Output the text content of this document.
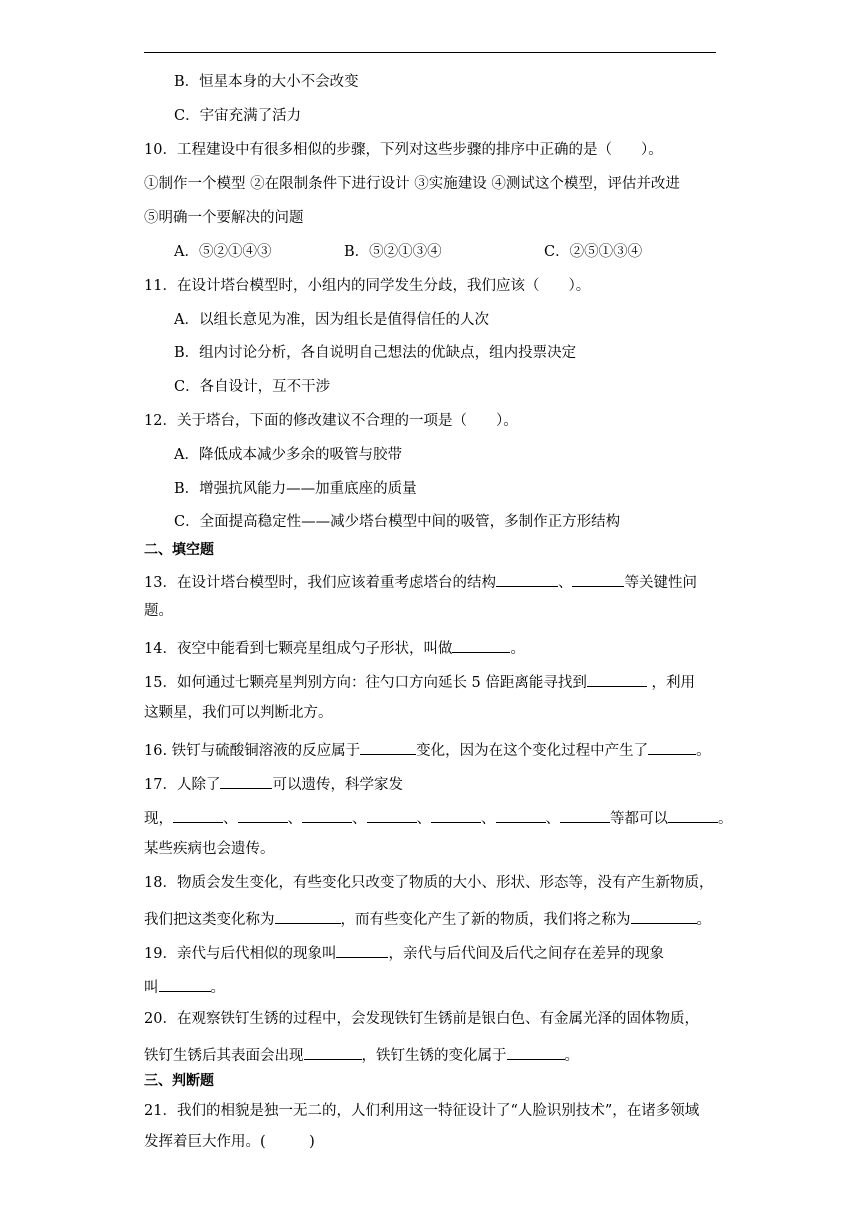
B．恒星本身的大小不会改变
C．宇宙充满了活力
10．工程建设中有很多相似的步骤，下列对这些步骤的排序中正确的是（　　）。
①制作一个模型 ②在限制条件下进行设计 ③实施建设 ④测试这个模型，评估并改进
⑤明确一个要解决的问题
A．⑤②①④③	B．⑤②①③④	C．②⑤①③④
11．在设计塔台模型时，小组内的同学发生分歧，我们应该（　　）。
A．以组长意见为准，因为组长是值得信任的人次
B．组内讨论分析，各自说明自己想法的优缺点，组内投票决定
C．各自设计，互不干涉
12．关于塔台，下面的修改建议不合理的一项是（　　）。
A．降低成本减少多余的吸管与胶带
B．增强抗风能力——加重底座的质量
C．全面提高稳定性——减少塔台模型中间的吸管，多制作正方形结构
二、填空题
13．在设计塔台模型时，我们应该着重考虑塔台的结构	、	等关键性问
题。
14．夜空中能看到七颗亮星组成勺子形状，叫做	。
15．如何通过七颗亮星判别方向：往勺口方向延长 5 倍距离能寻找到	，利用
这颗星，我们可以判断北方。
16. 铁钉与硫酸铜溶液的反应属于	变化，因为在这个变化过程中产生了	。
17．人除了	可以遗传，科学家发
现，	、	、	、	、	、	、	等都可以	。
某些疾病也会遗传。
18．物质会发生变化，有些变化只改变了物质的大小、形状、形态等，没有产生新物质，
我们把这类变化称为	，而有些变化产生了新的物质，我们将之称为	。
19．亲代与后代相似的现象叫	，亲代与后代间及后代之间存在差异的现象
叫	。
20．在观察铁钉生锈的过程中，会发现铁钉生锈前是银白色、有金属光泽的固体物质，
铁钉生锈后其表面会出现	，铁钉生锈的变化属于	。
三、判断题
21．我们的相貌是独一无二的，人们利用这一特征设计了“人脸识别技术”，在诸多领域
发挥着巨大作用。(　　　)
